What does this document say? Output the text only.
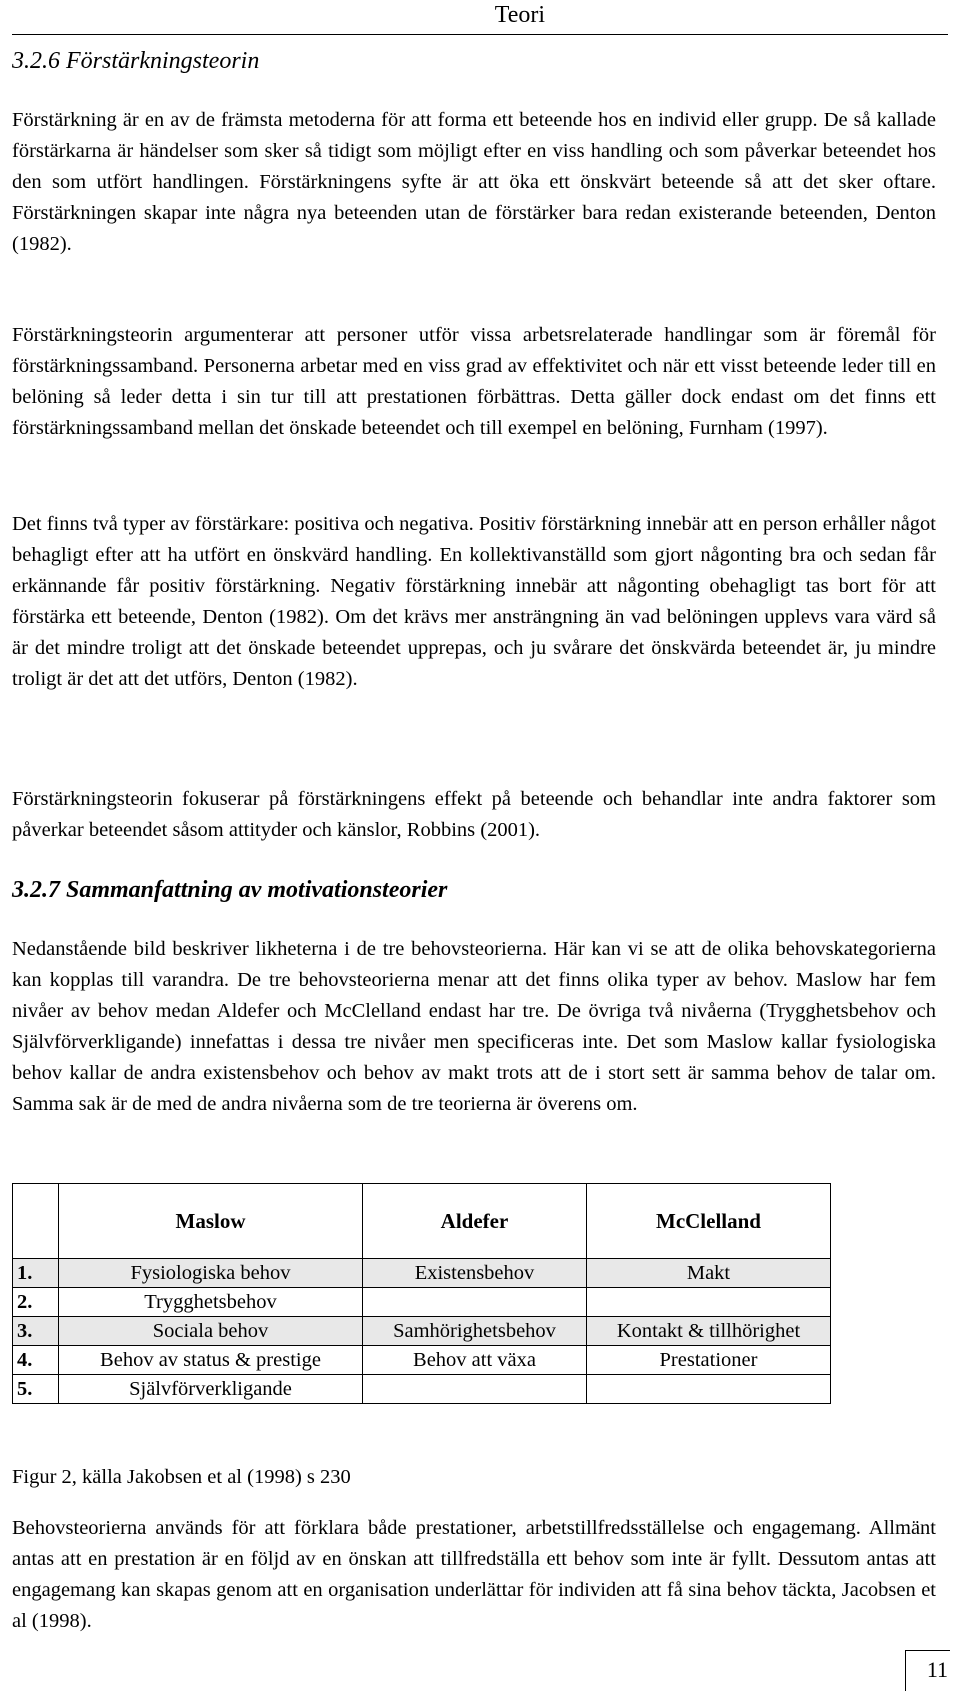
Teori
3.2.6 Förstärkningsteorin

Förstärkning är en av de främsta metoderna för att forma ett beteende hos en individ eller grupp. De så kallade förstärkarna är händelser som sker så tidigt som möjligt efter en viss handling och som påverkar beteendet hos den som utfört handlingen. Förstärkningens syfte är att öka ett önskvärt beteende så att det sker oftare. Förstärkningen skapar inte några nya beteenden utan de förstärker bara redan existerande beteenden, Denton (1982).

Förstärkningsteorin argumenterar att personer utför vissa arbetsrelaterade handlingar som är föremål för förstärkningssamband. Personerna arbetar med en viss grad av effektivitet och när ett visst beteende leder till en belöning så leder detta i sin tur till att prestationen förbättras. Detta gäller dock endast om det finns ett förstärkningssamband mellan det önskade beteendet och till exempel en belöning, Furnham (1997).

Det finns två typer av förstärkare: positiva och negativa. Positiv förstärkning innebär att en person erhåller något behagligt efter att ha utfört en önskvärd handling. En kollektivanställd som gjort någonting bra och sedan får erkännande får positiv förstärkning. Negativ förstärkning innebär att någonting obehagligt tas bort för att förstärka ett beteende, Denton (1982). Om det krävs mer ansträngning än vad belöningen upplevs vara värd så är det mindre troligt att det önskade beteendet upprepas, och ju svårare det önskvärda beteendet är, ju mindre troligt är det att det utförs, Denton (1982).

Förstärkningsteorin fokuserar på förstärkningens effekt på beteende och behandlar inte andra faktorer som påverkar beteendet såsom attityder och känslor, Robbins (2001).

3.2.7 Sammanfattning av motivationsteorier

Nedanstående bild beskriver likheterna i de tre behovsteorierna. Här kan vi se att de olika behovskategorierna kan kopplas till varandra. De tre behovsteorierna menar att det finns olika typer av behov. Maslow har fem nivåer av behov medan Aldefer och McClelland endast har tre. De övriga två nivåerna (Trygghetsbehov och Självförverkligande) innefattas i dessa tre nivåer men specificeras inte. Det som Maslow kallar fysiologiska behov kallar de andra existensbehov och behov av makt trots att de i stort sett är samma behov de talar om. Samma sak är de med de andra nivåerna som de tre teorierna är överens om.

	Maslow	Aldefer	McClelland
1.	Fysiologiska behov	Existensbehov	Makt
2.	Trygghetsbehov		
3.	Sociala behov	Samhörighetsbehov	Kontakt & tillhörighet
4.	Behov av status & prestige	Behov att växa	Prestationer
5.	Självförverkligande		
Figur 2, källa Jakobsen et al (1998) s 230

Behovsteorierna används för att förklara både prestationer, arbetstillfredsställelse och engagemang. Allmänt antas att en prestation är en följd av en önskan att tillfredställa ett behov som inte är fyllt. Dessutom antas att engagemang kan skapas genom att en organisation underlättar för individen att få sina behov täckta, Jacobsen et al (1998).

11
